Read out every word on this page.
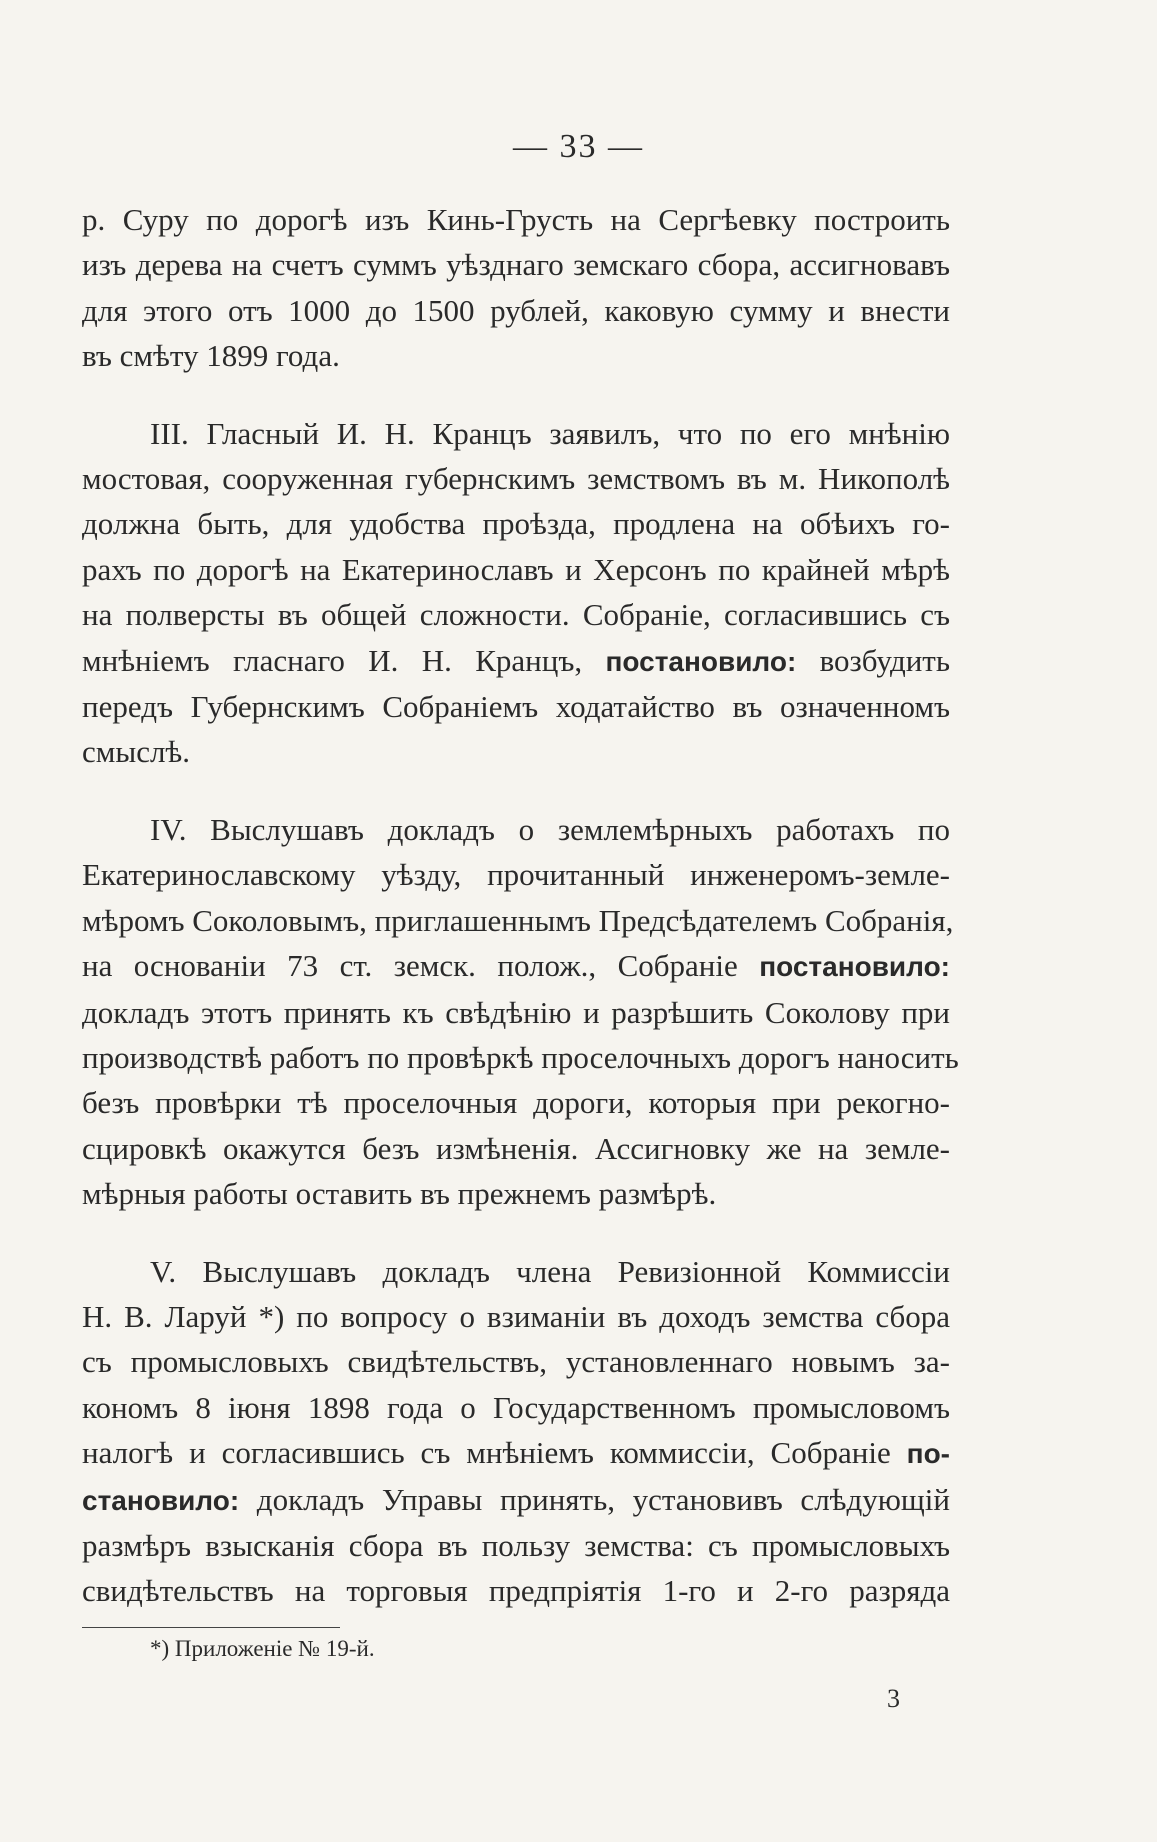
— 33 —
р. Суру по дорогѣ изъ Кинь-Грусть на Сергѣевку построить
изъ дерева на счетъ суммъ уѣзднаго земскаго сбора, ассигновавъ
для этого отъ 1000 до 1500 рублей, каковую сумму и внести
въ смѣту 1899 года.
III. Гласный И. Н. Кранцъ заявилъ, что по его мнѣнію
мостовая, сооруженная губернскимъ земствомъ въ м. Никополѣ
должна быть, для удобства проѣзда, продлена на обѣихъ го-
рахъ по дорогѣ на Екатеринославъ и Херсонъ по крайней мѣрѣ
на полверсты въ общей сложности. Собраніе, согласившись съ
мнѣніемъ гласнаго И. Н. Кранцъ, постановило: возбудить
передъ Губернскимъ Собраніемъ ходатайство въ означенномъ
смыслѣ.
IV. Выслушавъ докладъ о землемѣрныхъ работахъ по
Екатеринославскому уѣзду, прочитанный инженеромъ-земле-
мѣромъ Соколовымъ, приглашеннымъ Предсѣдателемъ Собранія,
на основаніи 73 ст. земск. полож., Собраніе постановило:
докладъ этотъ принять къ свѣдѣнію и разрѣшить Соколову при
производствѣ работъ по провѣркѣ проселочныхъ дорогъ наносить
безъ провѣрки тѣ проселочныя дороги, которыя при рекогно-
сцировкѣ окажутся безъ измѣненія. Ассигновку же на земле-
мѣрныя работы оставить въ прежнемъ размѣрѣ.
V. Выслушавъ докладъ члена Ревизіонной Коммиссіи
Н. В. Ларуй *) по вопросу о взиманіи въ доходъ земства сбора
съ промысловыхъ свидѣтельствъ, установленнаго новымъ за-
кономъ 8 іюня 1898 года о Государственномъ промысловомъ
налогѣ и согласившись съ мнѣніемъ коммиссіи, Собраніе по-
становило: докладъ Управы принять, установивъ слѣдующій
размѣръ взысканія сбора въ пользу земства: съ промысловыхъ
свидѣтельствъ на торговыя предпріятія 1-го и 2-го разряда
*) Приложеніе № 19-й.
3
